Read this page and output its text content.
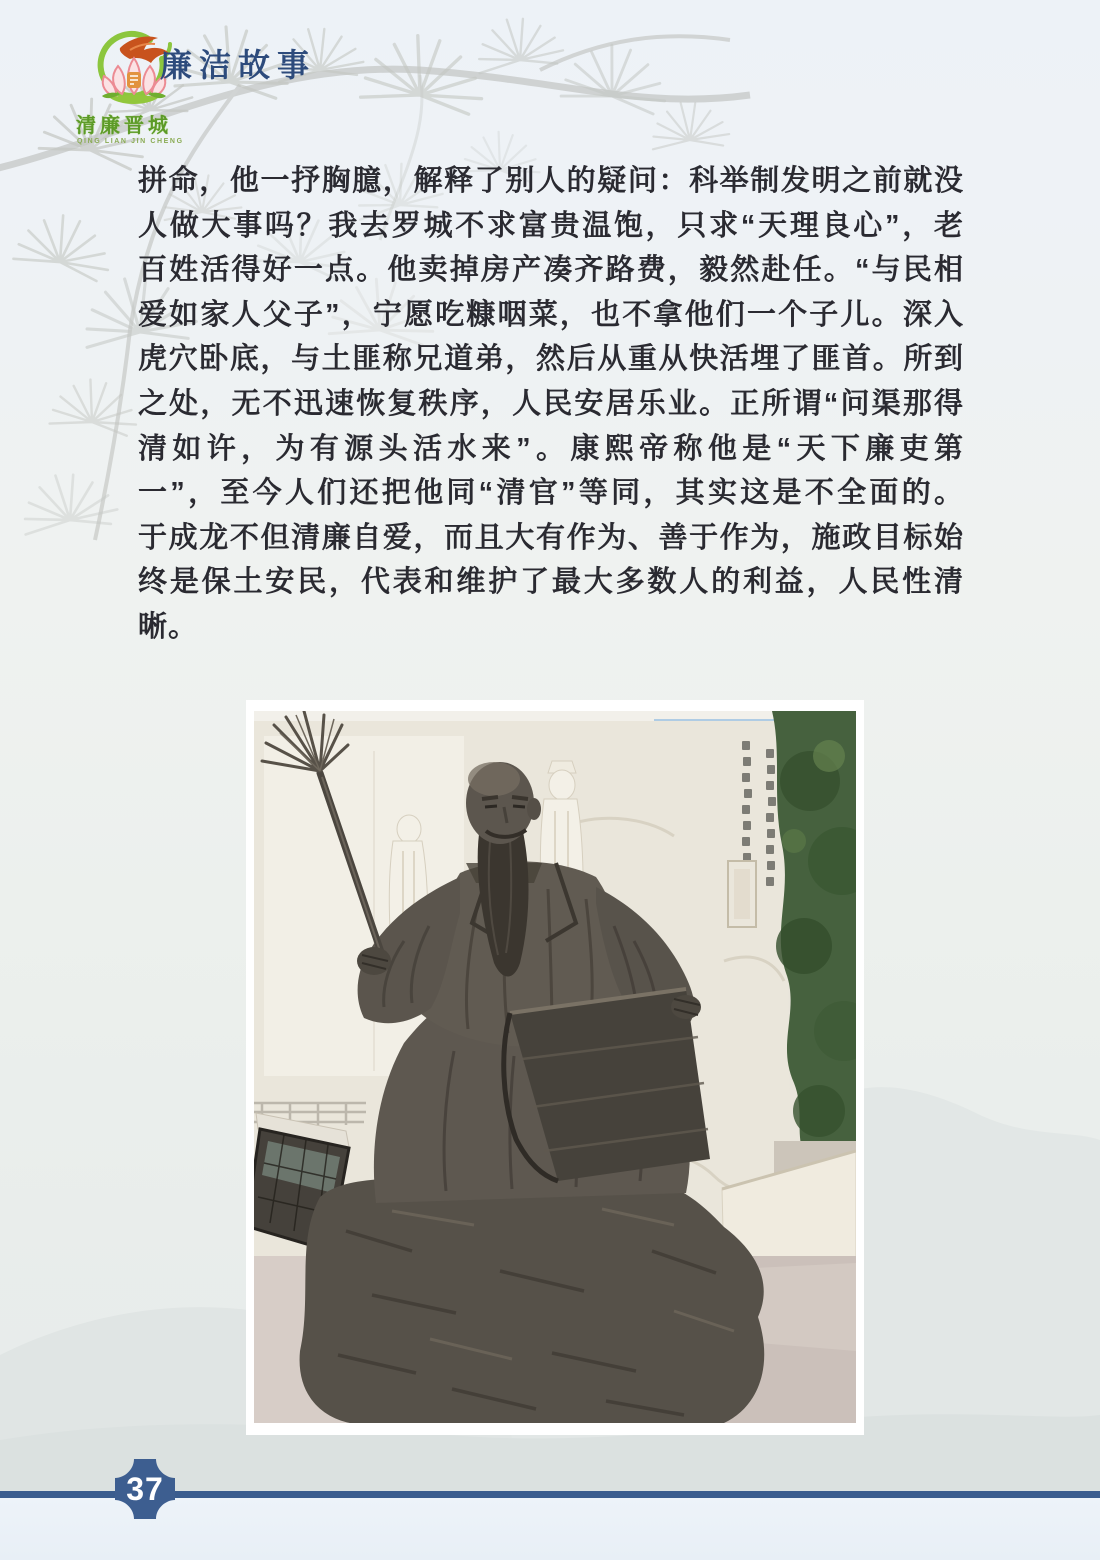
清廉晋城
QING LIAN JIN CHENG
廉洁故事
拼命，他一抒胸臆，解释了别人的疑问：科举制发明之前就没
人做大事吗？我去罗城不求富贵温饱，只求“天理良心”，老
百姓活得好一点。他卖掉房产凑齐路费，毅然赴任。“与民相
爱如家人父子”，宁愿吃糠咽菜，也不拿他们一个子儿。深入
虎穴卧底，与土匪称兄道弟，然后从重从快活埋了匪首。所到
之处，无不迅速恢复秩序，人民安居乐业。正所谓“问渠那得
清如许，为有源头活水来”。康熙帝称他是“天下廉吏第
一”，至今人们还把他同“清官”等同，其实这是不全面的。
于成龙不但清廉自爱，而且大有作为、善于作为，施政目标始
终是保土安民，代表和维护了最大多数人的利益，人民性清
晰。
37
